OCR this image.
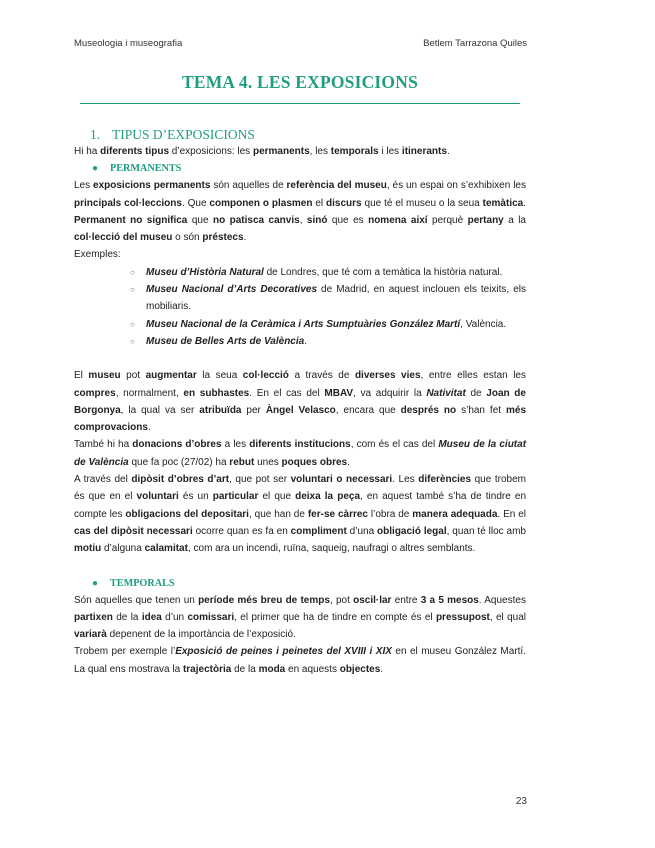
Museologia i museografia	Betlem Tarrazona Quiles
TEMA 4. LES EXPOSICIONS
1. TIPUS D’EXPOSICIONS

Hi ha diferents tipus d’exposicions: les permanents, les temporals i les itinerants.

● PERMANENTS

Les exposicions permanents són aquelles de referència del museu, és un espai on s’exhibixen les principals col·leccions. Que componen o plasmen el discurs que té el museu o la seua temàtica. Permanent no significa que no patisca canvis, sinó que es nomena així perquè pertany a la col·lecció del museu o són préstecs.

Exemples:

○ Museu d’Història Natural de Londres, que té com a temàtica la història natural.
○ Museu Nacional d’Arts Decoratives de Madrid, en aquest inclouen els teixits, els mobiliaris.
○ Museu Nacional de la Ceràmica i Arts Sumptuàries González Martí, València.
○ Museu de Belles Arts de València.

El museu pot augmentar la seua col·lecció a través de diverses vies, entre elles estan les compres, normalment, en subhastes. En el cas del MBAV, va adquirir la Nativitat de Joan de Borgonya, la qual va ser atribuïda per Àngel Velasco, encara que després no s’han fet més comprovacions.

També hi ha donacions d’obres a les diferents institucions, com és el cas del Museu de la ciutat de València que fa poc (27/02) ha rebut unes poques obres.

A través del dipòsit d’obres d’art, que pot ser voluntari o necessari. Les diferències que trobem és que en el voluntari és un particular el que deixa la peça, en aquest també s’ha de tindre en compte les obligacions del depositari, que han de fer-se càrrec l’obra de manera adequada. En el cas del dipòsit necessari ocorre quan es fa en compliment d’una obligació legal, quan té lloc amb motiu d’alguna calamitat, com ara un incendi, ruïna, saqueig, naufragi o altres semblants.

● TEMPORALS

Són aquelles que tenen un període més breu de temps, pot oscil·lar entre 3 a 5 mesos. Aquestes partixen de la idea d’un comissari, el primer que ha de tindre en compte és el pressupost, el qual variarà depenent de la importància de l’exposició.

Trobem per exemple l’Exposició de peines i peinetes del XVIII i XIX en el museu González Martí. La qual ens mostrava la trajectòria de la moda en aquests objectes.

23
